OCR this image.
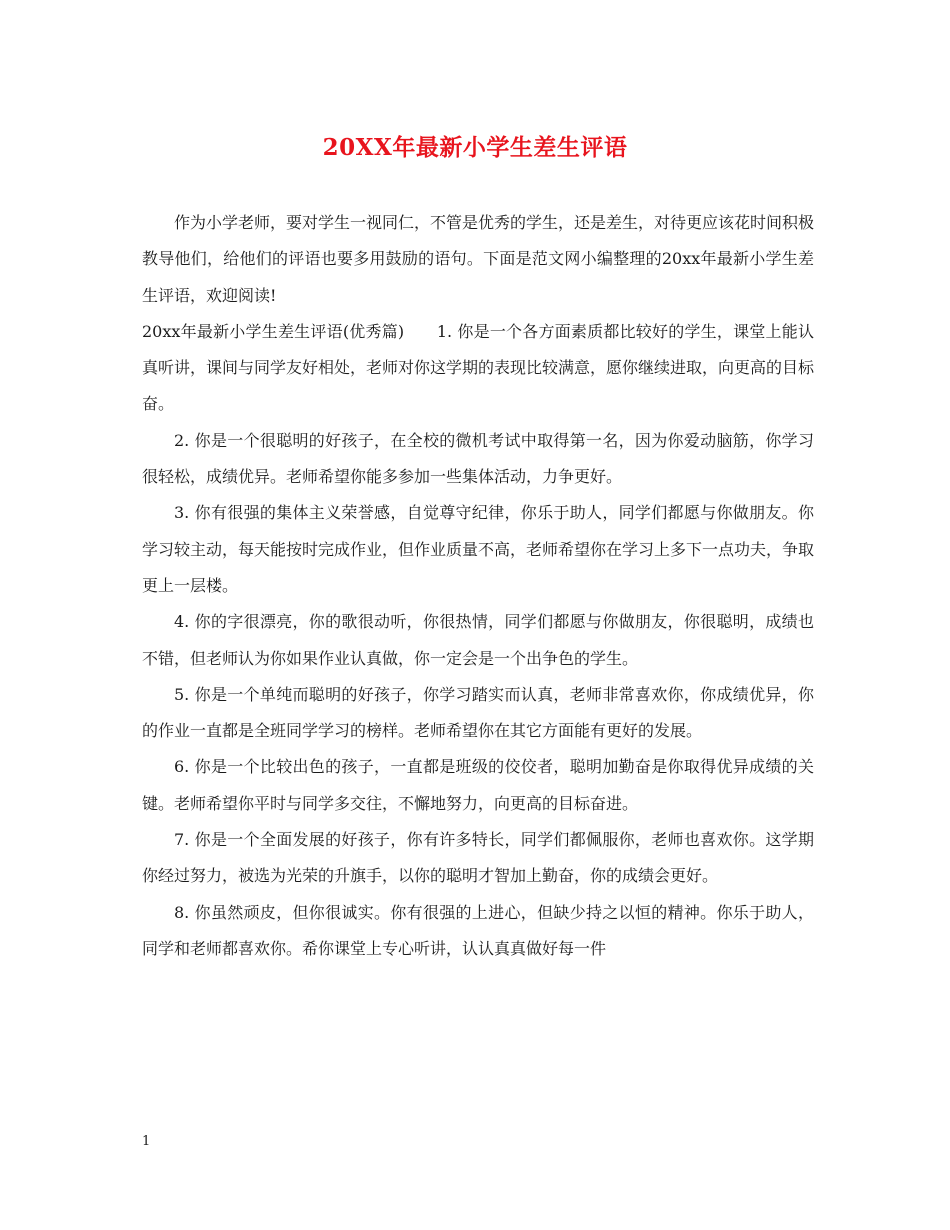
20XX年最新小学生差生评语

作为小学老师，要对学生一视同仁，不管是优秀的学生，还是差生，对待更应该花时间积极教导他们，给他们的评语也要多用鼓励的语句。下面是范文网小编整理的20xx年最新小学生差生评语，欢迎阅读!

20xx年最新小学生差生评语(优秀篇)　　1. 你是一个各方面素质都比较好的学生，课堂上能认真听讲，课间与同学友好相处，老师对你这学期的表现比较满意，愿你继续进取，向更高的目标奋。

2. 你是一个很聪明的好孩子，在全校的微机考试中取得第一名，因为你爱动脑筋，你学习很轻松，成绩优异。老师希望你能多参加一些集体活动，力争更好。

3. 你有很强的集体主义荣誉感，自觉尊守纪律，你乐于助人，同学们都愿与你做朋友。你学习较主动，每天能按时完成作业，但作业质量不高，老师希望你在学习上多下一点功夫，争取更上一层楼。

4. 你的字很漂亮，你的歌很动听，你很热情，同学们都愿与你做朋友，你很聪明，成绩也不错，但老师认为你如果作业认真做，你一定会是一个出争色的学生。

5. 你是一个单纯而聪明的好孩子，你学习踏实而认真，老师非常喜欢你，你成绩优异，你的作业一直都是全班同学学习的榜样。老师希望你在其它方面能有更好的发展。

6. 你是一个比较出色的孩子，一直都是班级的佼佼者，聪明加勤奋是你取得优异成绩的关键。老师希望你平时与同学多交往，不懈地努力，向更高的目标奋进。

7. 你是一个全面发展的好孩子，你有许多特长，同学们都佩服你，老师也喜欢你。这学期你经过努力，被选为光荣的升旗手，以你的聪明才智加上勤奋，你的成绩会更好。

8. 你虽然顽皮，但你很诚实。你有很强的上进心，但缺少持之以恒的精神。你乐于助人，同学和老师都喜欢你。希你课堂上专心听讲，认认真真做好每一件

1
